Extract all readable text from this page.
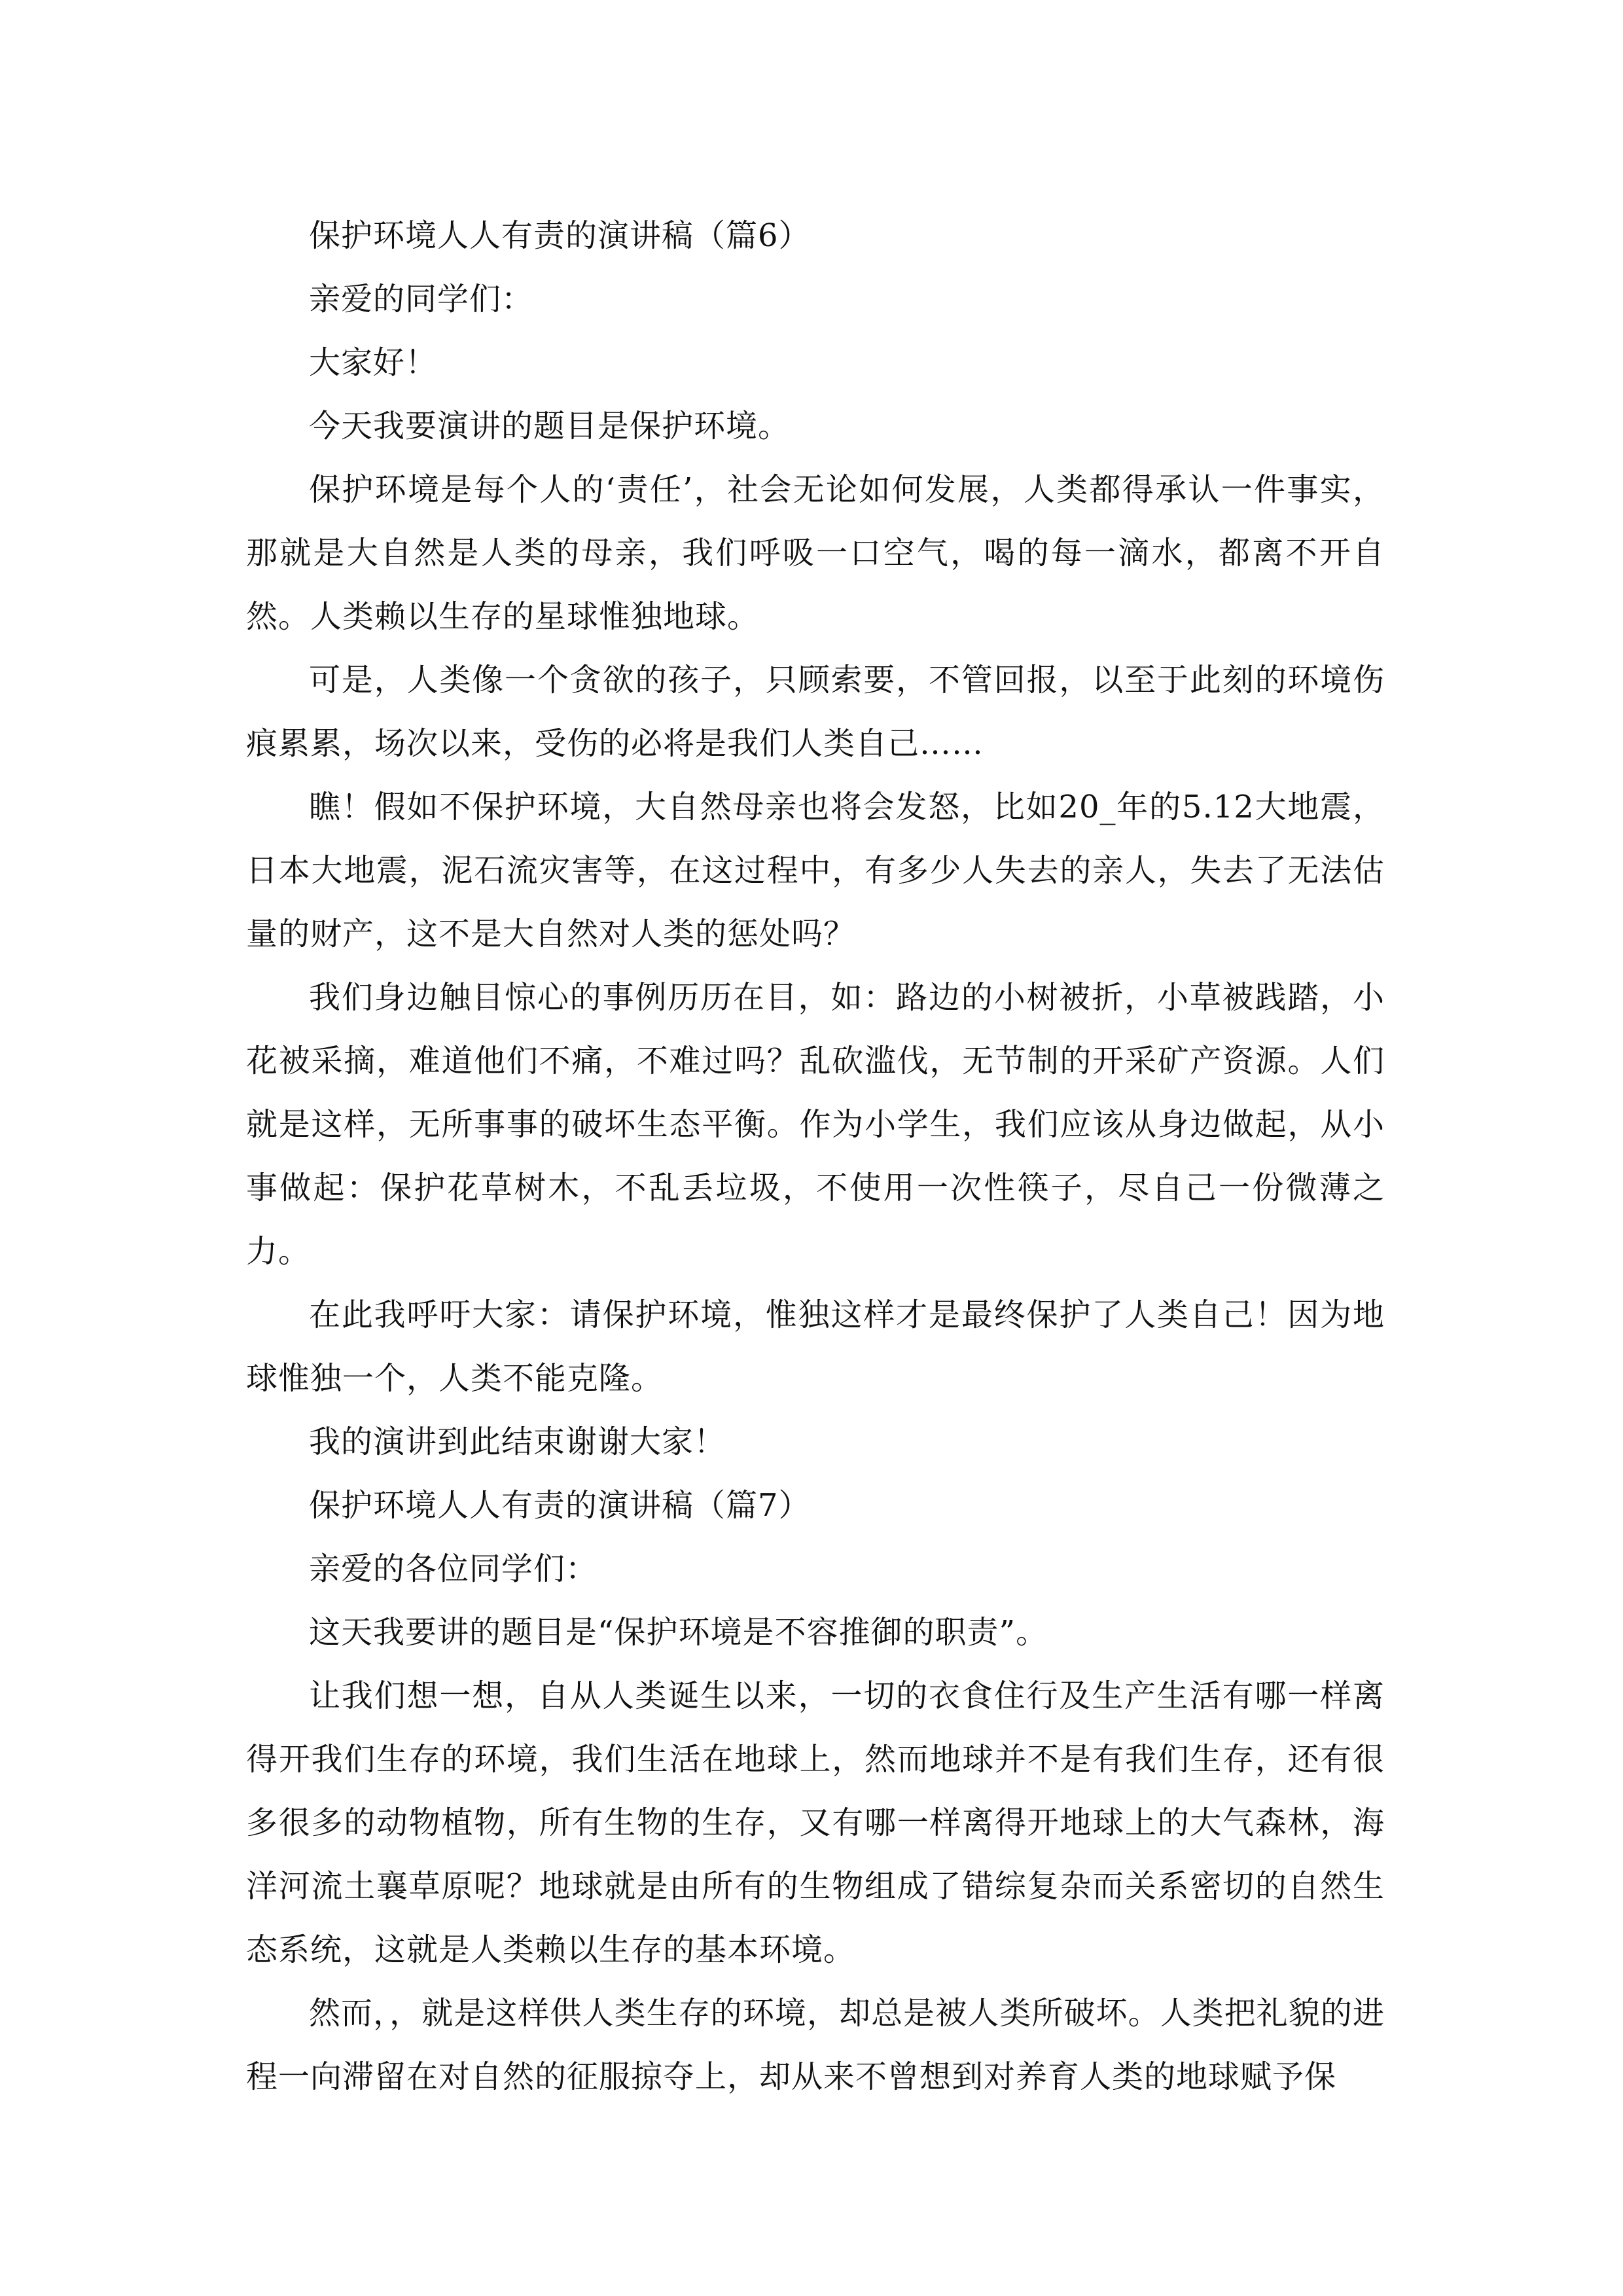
保护环境人人有责的演讲稿（篇6）

亲爱的同学们：

大家好！

今天我要演讲的题目是保护环境。

保护环境是每个人的‘责任’，社会无论如何发展，人类都得承认一件事实，那就是大自然是人类的母亲，我们呼吸一口空气，喝的每一滴水，都离不开自然。人类赖以生存的星球惟独地球。

可是，人类像一个贪欲的孩子，只顾索要，不管回报，以至于此刻的环境伤痕累累，场次以来，受伤的必将是我们人类自己……

瞧！假如不保护环境，大自然母亲也将会发怒，比如20_年的5.12大地震，日本大地震，泥石流灾害等，在这过程中，有多少人失去的亲人，失去了无法估量的财产，这不是大自然对人类的惩处吗？

我们身边触目惊心的事例历历在目，如：路边的小树被折，小草被践踏，小花被采摘，难道他们不痛，不难过吗？乱砍滥伐，无节制的开采矿产资源。人们就是这样，无所事事的破坏生态平衡。作为小学生，我们应该从身边做起，从小事做起：保护花草树木，不乱丢垃圾，不使用一次性筷子，尽自己一份微薄之力。

在此我呼吁大家：请保护环境，惟独这样才是最终保护了人类自己！因为地球惟独一个，人类不能克隆。

我的演讲到此结束谢谢大家！

保护环境人人有责的演讲稿（篇7）

亲爱的各位同学们：

这天我要讲的题目是“保护环境是不容推御的职责”。

让我们想一想，自从人类诞生以来，一切的衣食住行及生产生活有哪一样离得开我们生存的环境，我们生活在地球上，然而地球并不是有我们生存，还有很多很多的动物植物，所有生物的生存，又有哪一样离得开地球上的大气森林，海洋河流土襄草原呢？地球就是由所有的生物组成了错综复杂而关系密切的自然生态系统，这就是人类赖以生存的基本环境。

然而，，就是这样供人类生存的环境，却总是被人类所破坏。人类把礼貌的进程一向滞留在对自然的征服掠夺上，却从来不曾想到对养育人类的地球赋予保
